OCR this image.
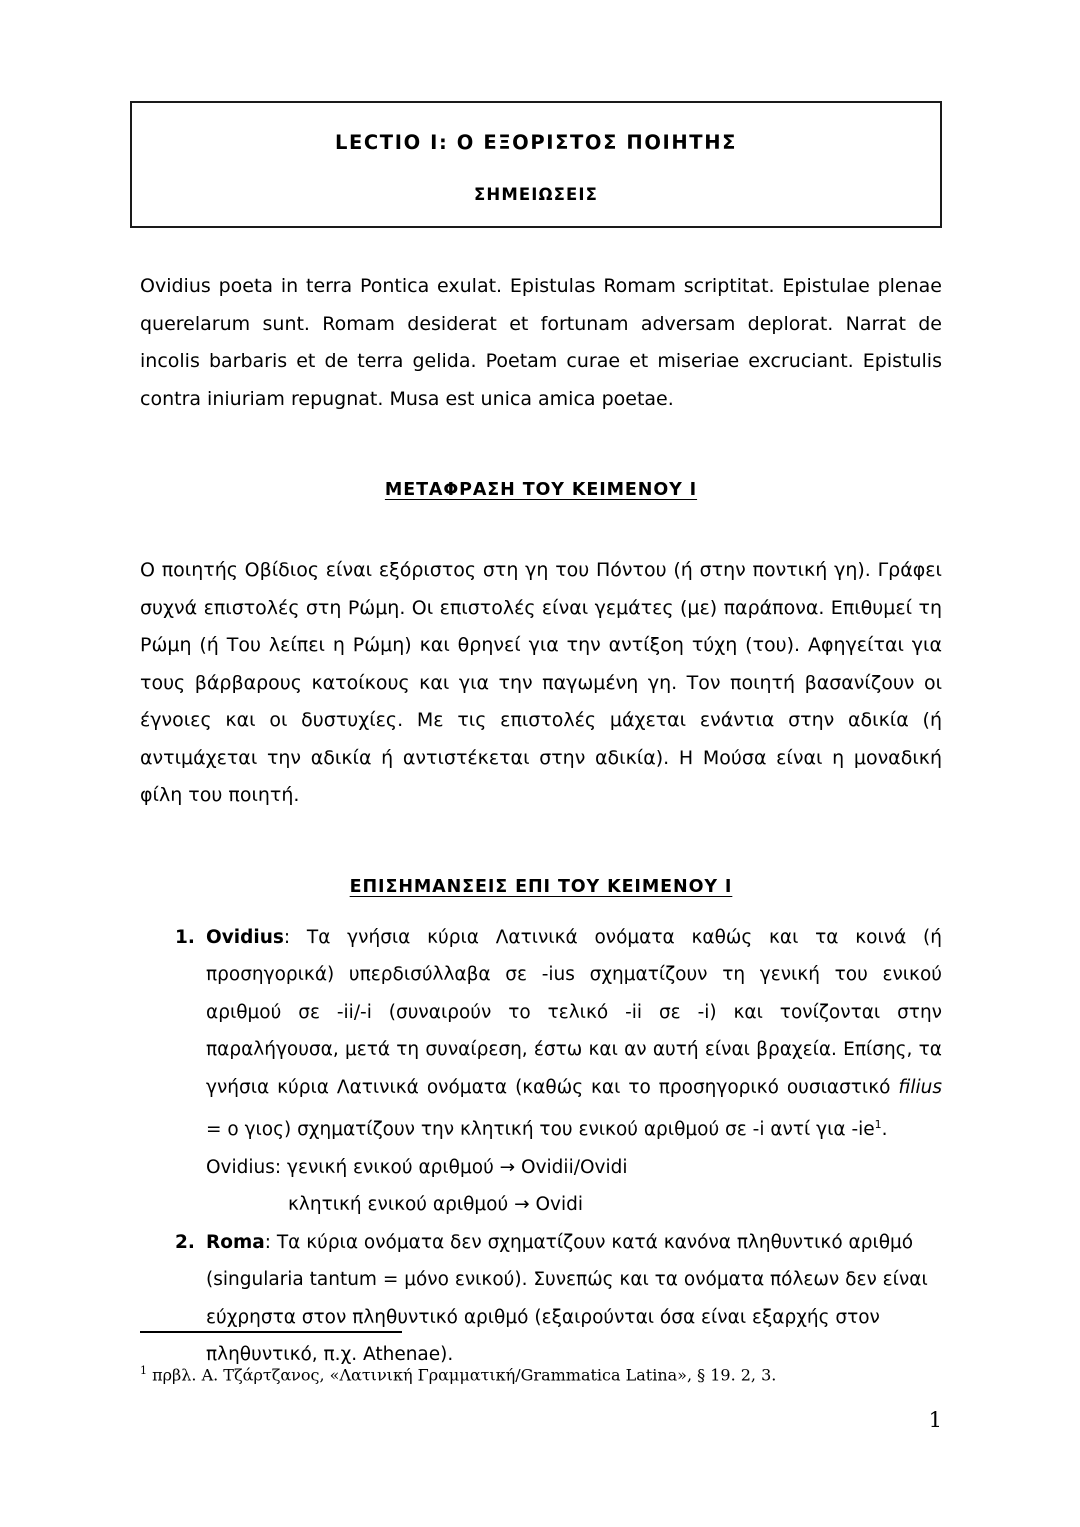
LECTIO I: Ο ΕΞΟΡΙΣΤΟΣ ΠΟΙΗΤΗΣ
ΣΗΜΕΙΩΣΕΙΣ

Ovidius poeta in terra Pontica exulat. Epistulas Romam scriptitat. Epistulae plenae querelarum sunt. Romam desiderat et fortunam adversam deplorat. Narrat de incolis barbaris et de terra gelida. Poetam curae et miseriae excruciant. Epistulis contra iniuriam repugnat. Musa est unica amica poetae.

ΜΕΤΑΦΡΑΣΗ ΤΟΥ ΚΕΙΜΕΝΟΥ Ι

Ο ποιητής Οβίδιος είναι εξόριστος στη γη του Πόντου (ή στην ποντική γη). Γράφει συχνά επιστολές στη Ρώμη. Οι επιστολές είναι γεμάτες (με) παράπονα. Επιθυμεί τη Ρώμη (ή Του λείπει η Ρώμη) και θρηνεί για την αντίξοη τύχη (του). Αφηγείται για τους βάρβαρους κατοίκους και για την παγωμένη γη. Τον ποιητή βασανίζουν οι έγνοιες και οι δυστυχίες. Με τις επιστολές μάχεται ενάντια στην αδικία (ή αντιμάχεται την αδικία ή αντιστέκεται στην αδικία). Η Μούσα είναι η μοναδική φίλη του ποιητή.

ΕΠΙΣΗΜΑΝΣΕΙΣ ΕΠΙ ΤΟΥ ΚΕΙΜΕΝΟΥ Ι
1. Ovidius: Τα γνήσια κύρια Λατινικά ονόματα καθώς και τα κοινά (ή προσηγορικά) υπερδισύλλαβα σε -ius σχηματίζουν τη γενική του ενικού αριθμού σε -ii/-i (συναιρούν το τελικό -ii σε -i) και τονίζονται στην παραλήγουσα, μετά τη συναίρεση, έστω και αν αυτή είναι βραχεία. Επίσης, τα γνήσια κύρια Λατινικά ονόματα (καθώς και το προσηγορικό ουσιαστικό filius = ο γιος) σχηματίζουν την κλητική του ενικού αριθμού σε -i αντί για -ie$^1$.
Ovidius: γενική ενικού αριθμού → Ovidii/Ovidi
κλητική ενικού αριθμού → Ovidi
2. Roma: Τα κύρια ονόματα δεν σχηματίζουν κατά κανόνα πληθυντικό αριθμό (singularia tantum = μόνο ενικού). Συνεπώς και τα ονόματα πόλεων δεν είναι εύχρηστα στον πληθυντικό αριθμό (εξαιρούνται όσα είναι εξαρχής στον πληθυντικό, π.χ. Athenae).
$^1$ πρβλ. Α. Τζάρτζανος, «Λατινική Γραμματική/Grammatica Latina», § 19. 2, 3.
1
